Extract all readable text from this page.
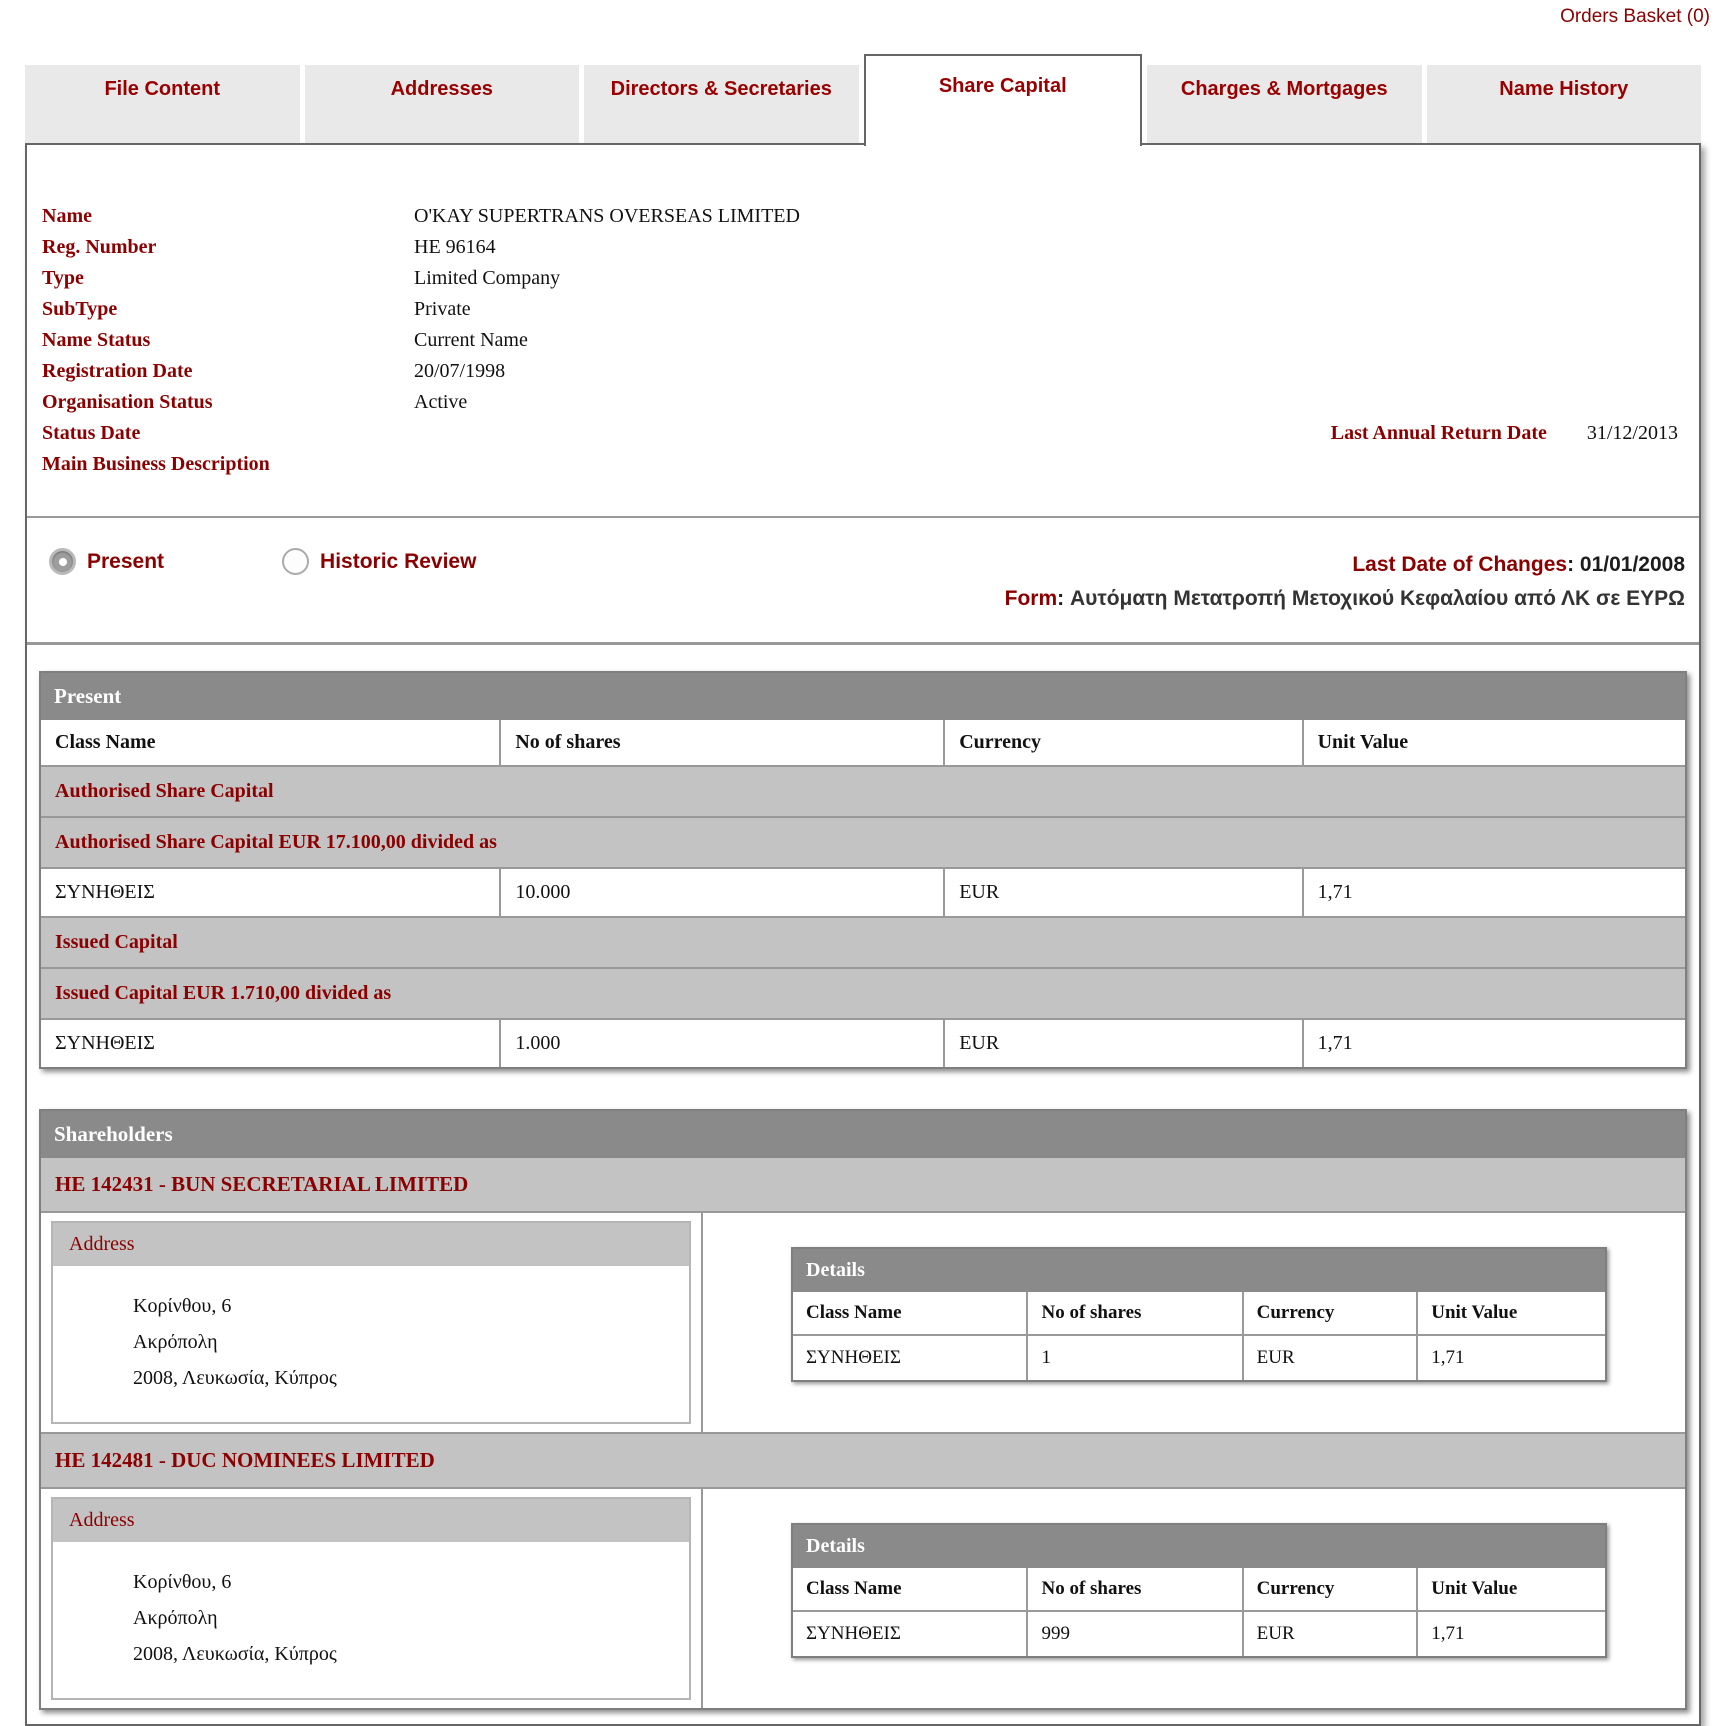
Orders Basket (0)
File Content	Addresses	Directors & Secretaries	Share Capital	Charges & Mortgages	Name History
Name	O'KAY SUPERTRANS OVERSEAS LIMITED
Reg. Number	HE 96164
Type	Limited Company
SubType	Private
Name Status	Current Name
Registration Date	20/07/1998
Organisation Status	Active
Status Date	Last Annual Return Date	31/12/2013
Main Business Description
Present	Historic Review	Last Date of Changes: 01/01/2008
Form: Αυτόματη Μετατροπή Μετοχικού Κεφαλαίου από ΛΚ σε ΕΥΡΩ
Present
Class Name	No of shares	Currency	Unit Value
Authorised Share Capital
Authorised Share Capital EUR 17.100,00 divided as
ΣΥΝΗΘΕΙΣ	10.000	EUR	1,71
Issued Capital
Issued Capital EUR 1.710,00 divided as
ΣΥΝΗΘΕΙΣ	1.000	EUR	1,71
Shareholders
HE 142431 - BUN SECRETARIAL LIMITED
Address
Κορίνθου, 6
Ακρόπολη
2008, Λευκωσία, Κύπρος
Details
Class Name	No of shares	Currency	Unit Value
ΣΥΝΗΘΕΙΣ	1	EUR	1,71
HE 142481 - DUC NOMINEES LIMITED
Address
Κορίνθου, 6
Ακρόπολη
2008, Λευκωσία, Κύπρος
Details
Class Name	No of shares	Currency	Unit Value
ΣΥΝΗΘΕΙΣ	999	EUR	1,71
